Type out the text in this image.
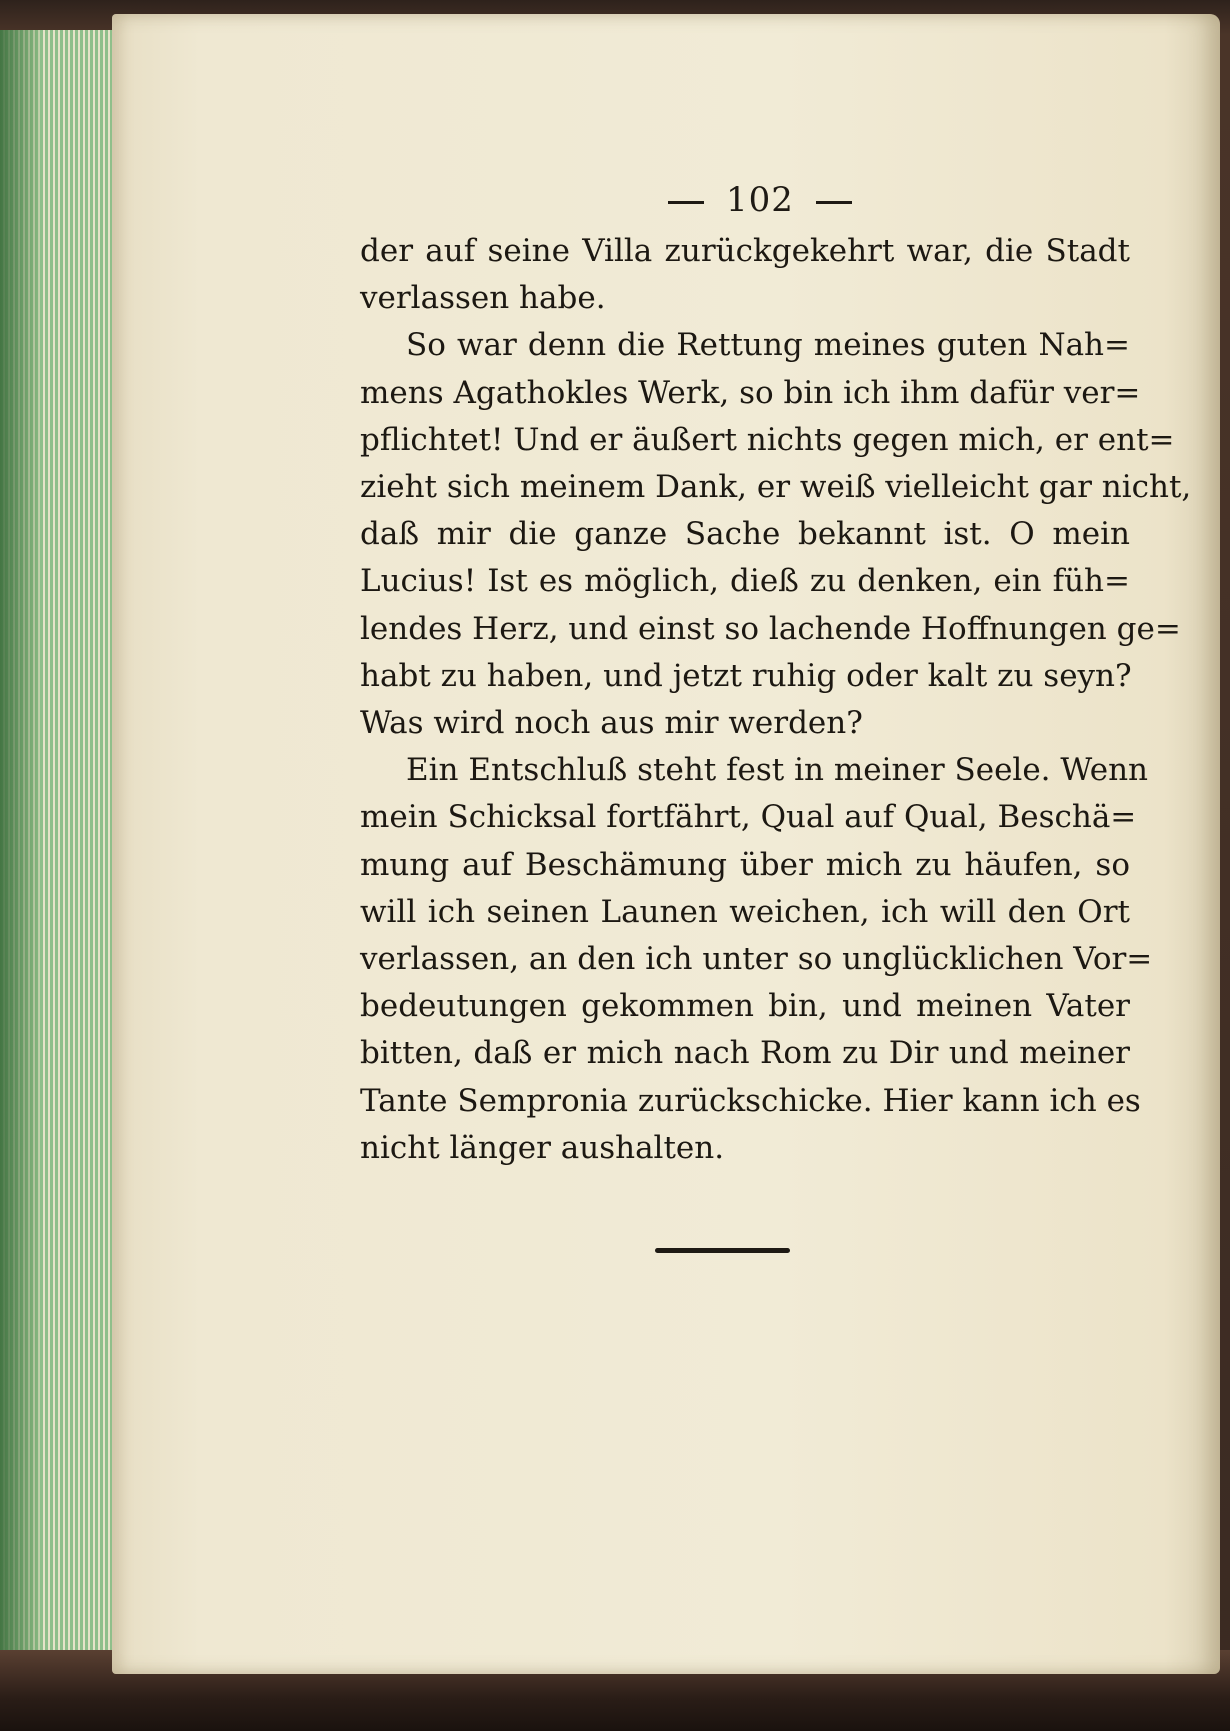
102
der auf seine Villa zurückgekehrt war, die Stadt
verlassen habe.
So war denn die Rettung meines guten Nah=
mens Agathokles Werk, so bin ich ihm dafür ver=
pflichtet! Und er äußert nichts gegen mich, er ent=
zieht sich meinem Dank, er weiß vielleicht gar nicht,
daß mir die ganze Sache bekannt ist. O mein
Lucius! Ist es möglich, dieß zu denken, ein füh=
lendes Herz, und einst so lachende Hoffnungen ge=
habt zu haben, und jetzt ruhig oder kalt zu seyn?
Was wird noch aus mir werden?
Ein Entschluß steht fest in meiner Seele. Wenn
mein Schicksal fortfährt, Qual auf Qual, Beschä=
mung auf Beschämung über mich zu häufen, so
will ich seinen Launen weichen, ich will den Ort
verlassen, an den ich unter so unglücklichen Vor=
bedeutungen gekommen bin, und meinen Vater
bitten, daß er mich nach Rom zu Dir und meiner
Tante Sempronia zurückschicke. Hier kann ich es
nicht länger aushalten.
